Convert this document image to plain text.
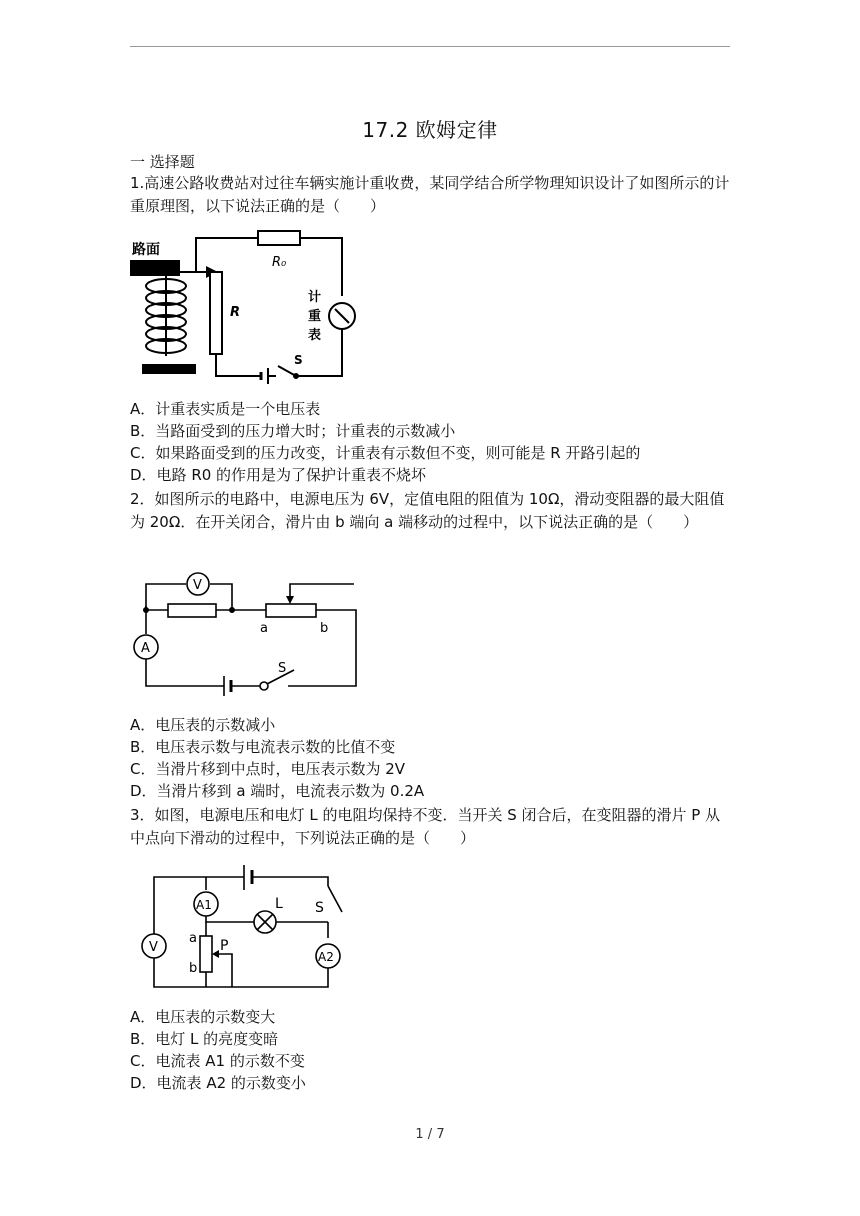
17.2 欧姆定律
一 选择题
1.高速公路收费站对过往车辆实施计重收费，某同学结合所学物理知识设计了如图所示的计重原理图，以下说法正确的是（　　）
路面
R₀
R
计
重
表
S
A．计重表实质是一个电压表
B．当路面受到的压力增大时；计重表的示数减小
C．如果路面受到的压力改变，计重表有示数但不变，则可能是 R 开路引起的
D．电路 R0 的作用是为了保护计重表不烧坏
2．如图所示的电路中，电源电压为 6V，定值电阻的阻值为 10Ω，滑动变阻器的最大阻值为 20Ω．在开关闭合，滑片由 b 端向 a 端移动的过程中，以下说法正确的是（　　）
V
A
a	b
S
A．电压表的示数减小
B．电压表示数与电流表示数的比值不变
C．当滑片移到中点时，电压表示数为 2V
D．当滑片移到 a 端时，电流表示数为 0.2A
3．如图，电源电压和电灯 L 的电阻均保持不变．当开关 S 闭合后，在变阻器的滑片 P 从中点向下滑动的过程中，下列说法正确的是（　　）
A1
A2
V
L S
P
a
b
A．电压表的示数变大
B．电灯 L 的亮度变暗
C．电流表 A1 的示数不变
D．电流表 A2 的示数变小
1 / 7
